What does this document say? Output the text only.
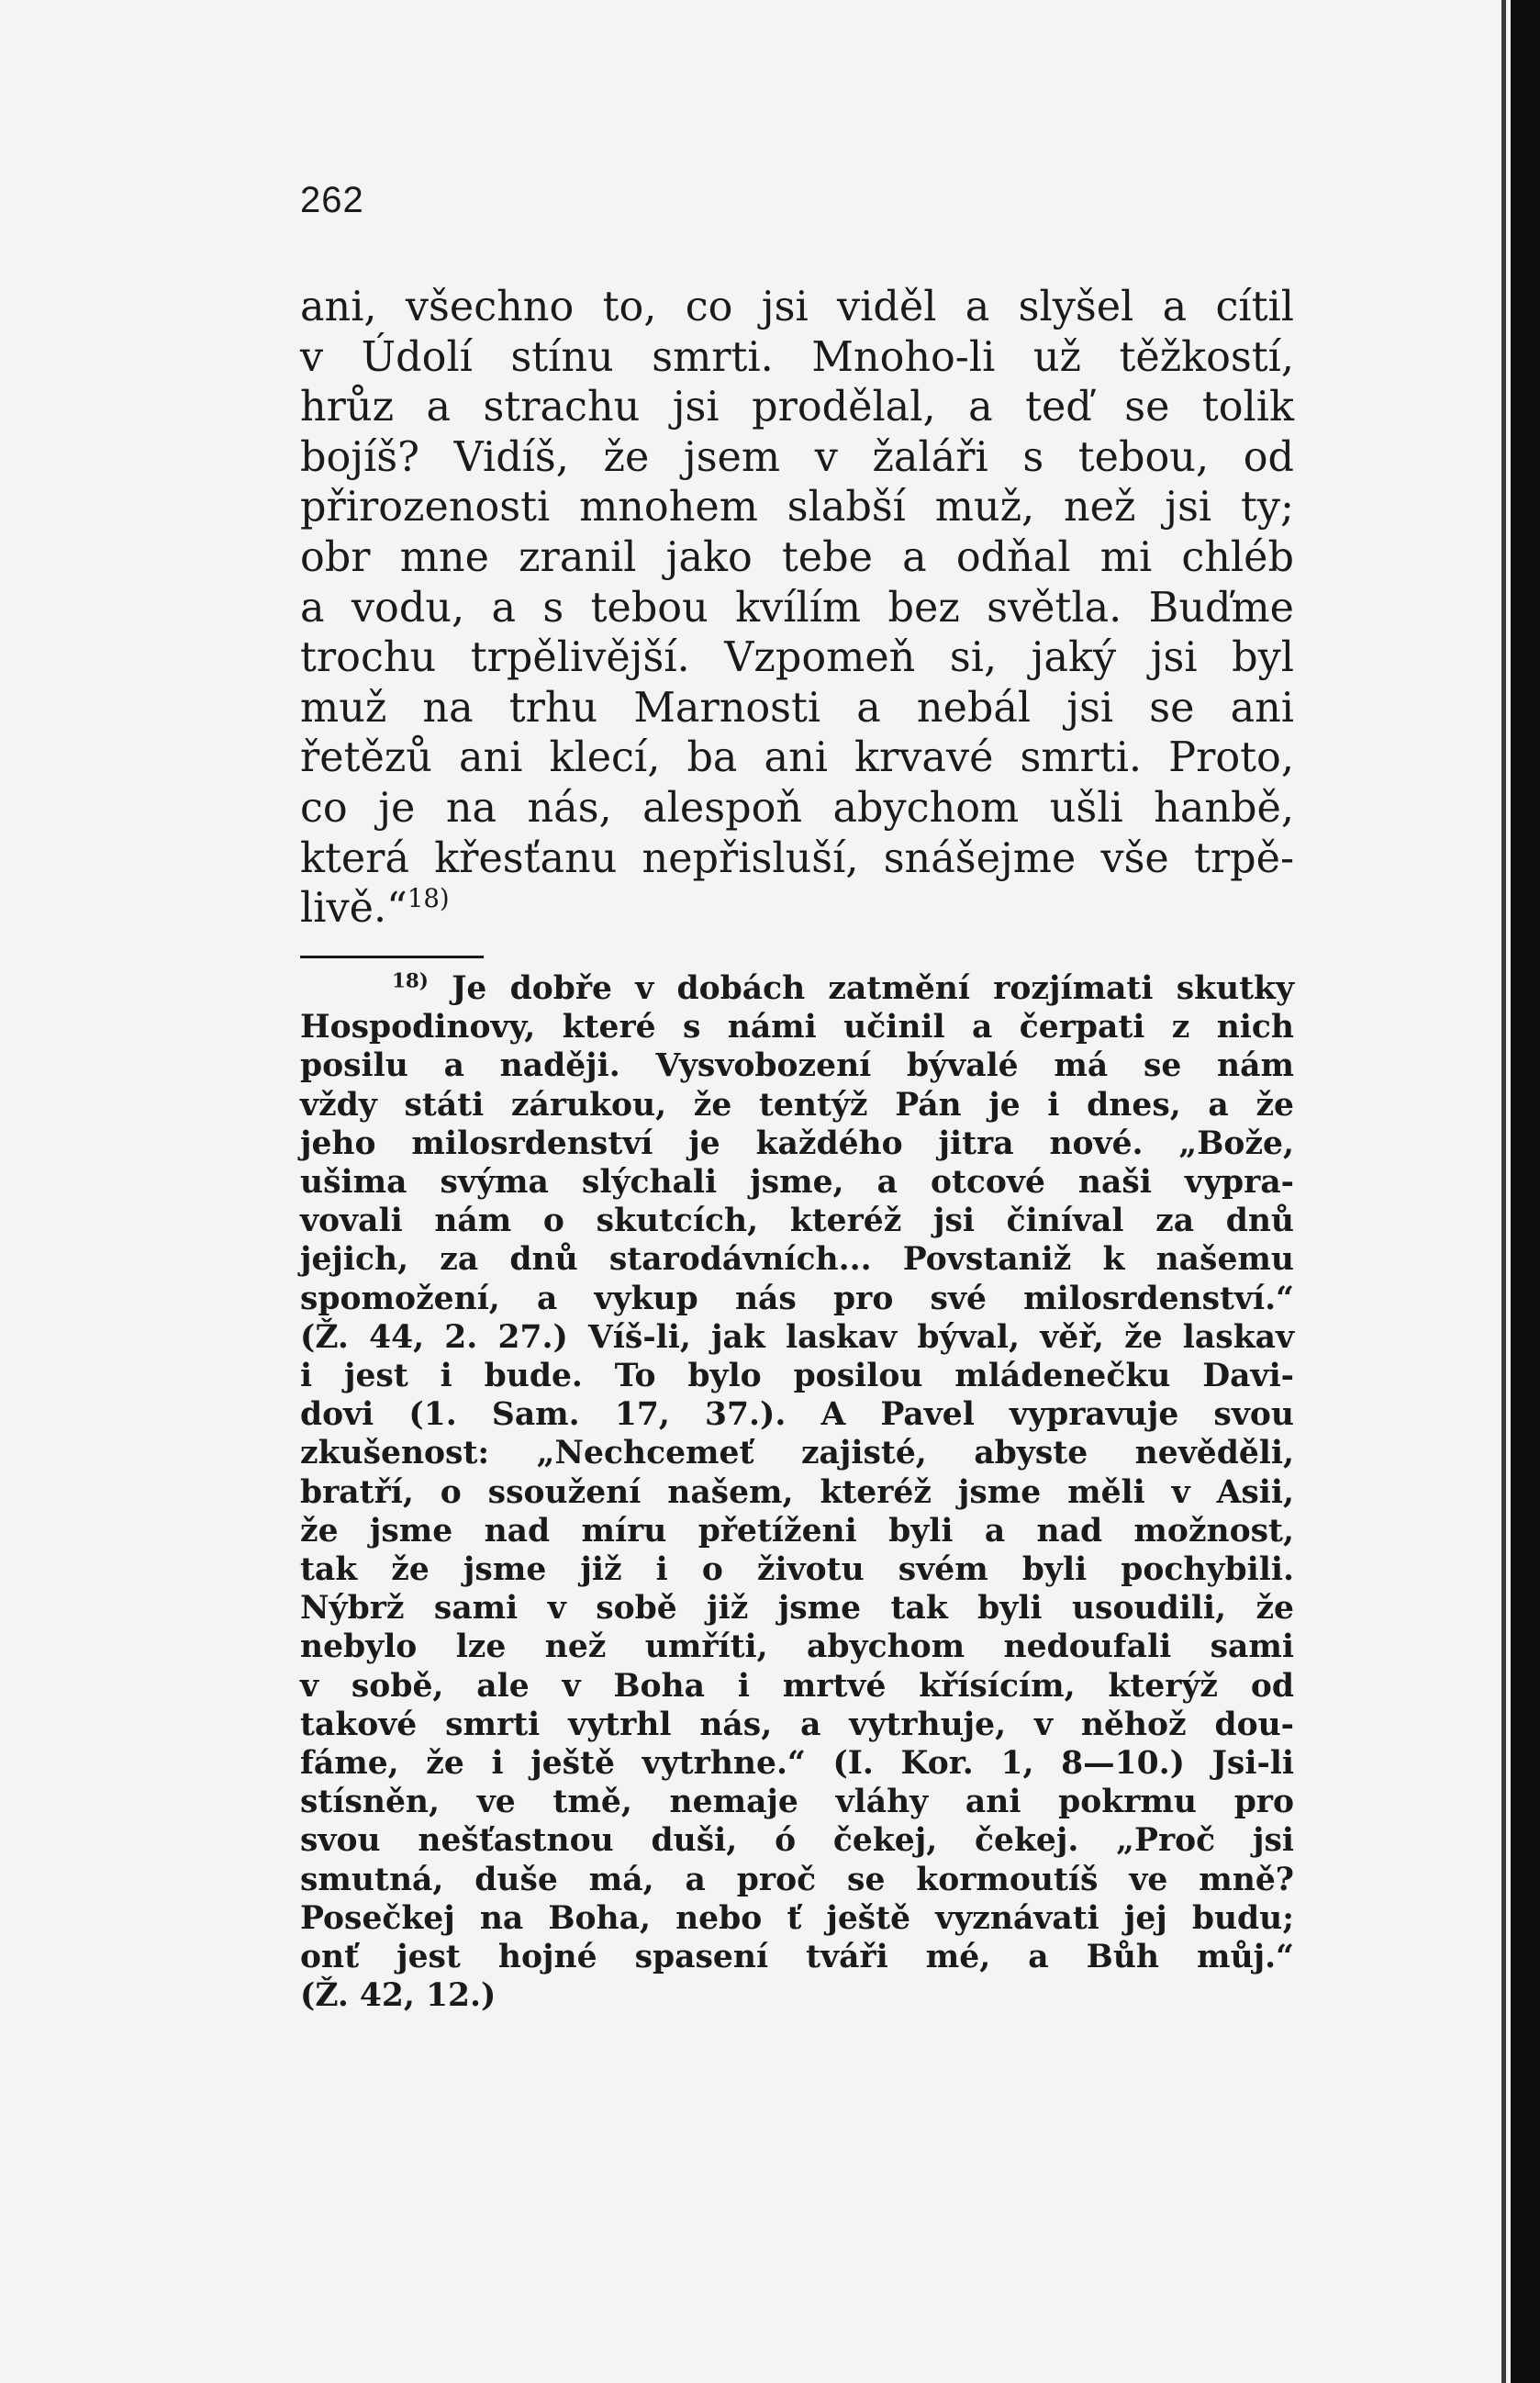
262
ani, všechno to, co jsi viděl a slyšel a cítil
v Údolí stínu smrti. Mnoho-li už těžkostí,
hrůz a strachu jsi prodělal, a teď se tolik
bojíš? Vidíš, že jsem v žaláři s tebou, od
přirozenosti mnohem slabší muž, než jsi ty;
obr mne zranil jako tebe a odňal mi chléb
a vodu, a s tebou kvílím bez světla. Buďme
trochu trpělivější. Vzpomeň si, jaký jsi byl
muž na trhu Marnosti a nebál jsi se ani
řetězů ani klecí, ba ani krvavé smrti. Proto,
co je na nás, alespoň abychom ušli hanbě,
která křesťanu nepřisluší, snášejme vše trpě-
livě.“$^{18)}$
$^{18)}$ Je dobře v dobách zatmění rozjímati skutky
Hospodinovy, které s námi učinil a čerpati z nich
posilu a naději. Vysvobození bývalé má se nám
vždy státi zárukou, že tentýž Pán je i dnes, a že
jeho milosrdenství je každého jitra nové. „Bože,
ušima svýma slýchali jsme, a otcové naši vypra-
vovali nám o skutcích, kteréž jsi činíval za dnů
jejich, za dnů starodávních... Povstaniž k našemu
spomožení, a vykup nás pro své milosrdenství.“
(Ž. 44, 2. 27.) Víš-li, jak laskav býval, věř, že laskav
i jest i bude. To bylo posilou mládenečku Davi-
dovi (1. Sam. 17, 37.). A Pavel vypravuje svou
zkušenost: „Nechcemeť zajisté, abyste nevěděli,
bratří, o ssoužení našem, kteréž jsme měli v Asii,
že jsme nad míru přetíženi byli a nad možnost,
tak že jsme již i o životu svém byli pochybili.
Nýbrž sami v sobě již jsme tak byli usoudili, že
nebylo lze než umříti, abychom nedoufali sami
v sobě, ale v Boha i mrtvé křísícím, kterýž od
takové smrti vytrhl nás, a vytrhuje, v něhož dou-
fáme, že i ještě vytrhne.“ (I. Kor. 1, 8—10.) Jsi-li
stísněn, ve tmě, nemaje vláhy ani pokrmu pro
svou nešťastnou duši, ó čekej, čekej. „Proč jsi
smutná, duše má, a proč se kormoutíš ve mně?
Posečkej na Boha, nebo ť ještě vyznávati jej budu;
onť jest hojné spasení tváři mé, a Bůh můj.“
(Ž. 42, 12.)
